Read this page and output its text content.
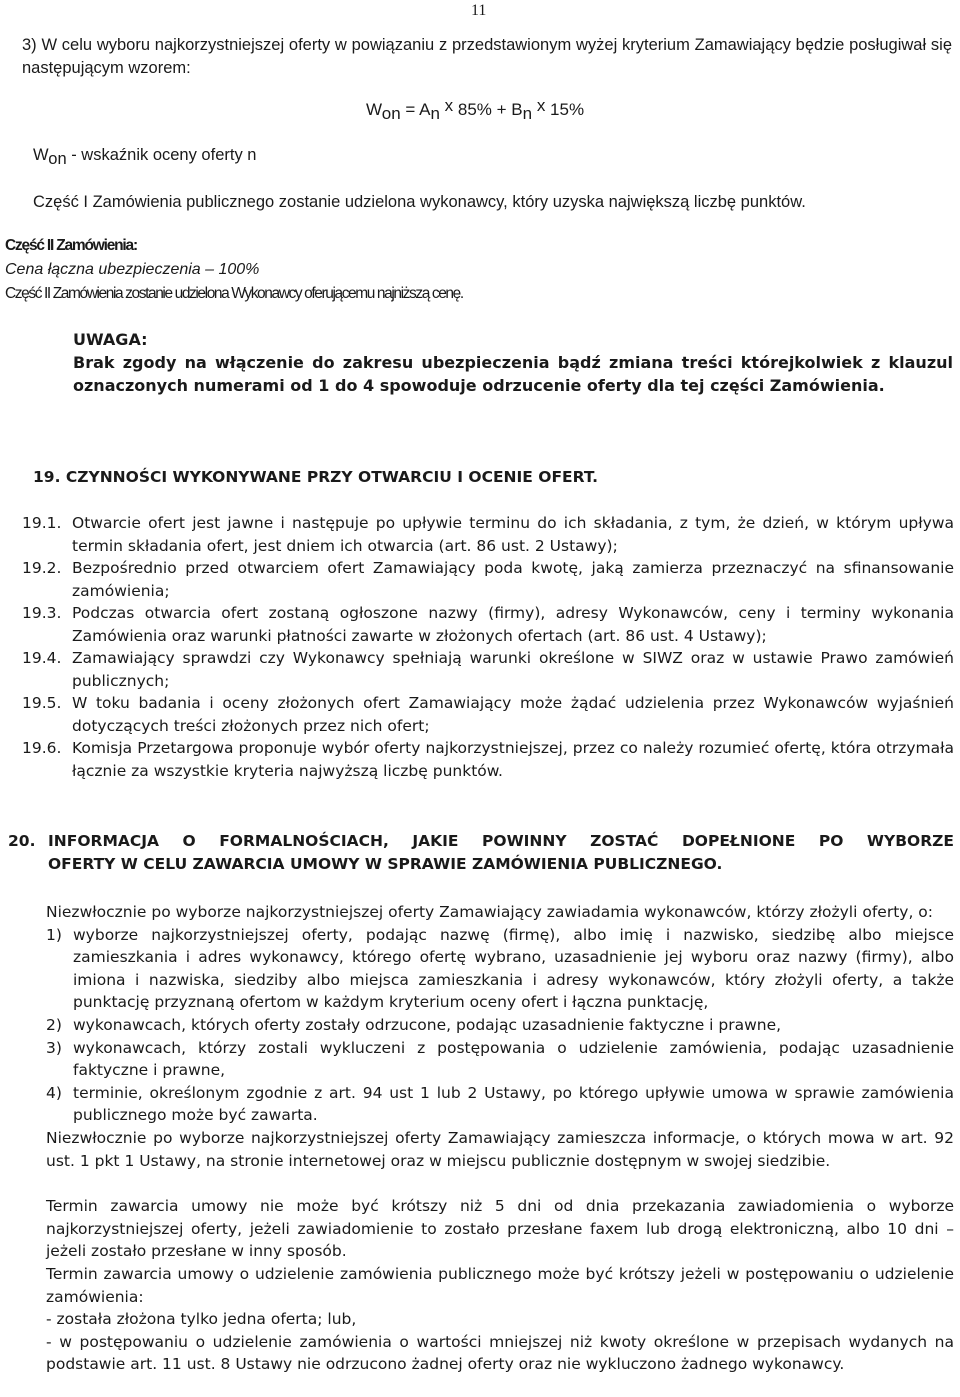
11
3) W celu wyboru najkorzystniejszej oferty w powiązaniu z przedstawionym wyżej kryterium Zamawiający będzie posługiwał się następującym wzorem:
Won = An x 85% + Bn x 15%
Won - wskaźnik oceny oferty n
Część I Zamówienia publicznego zostanie udzielona wykonawcy, który uzyska największą liczbę punktów.
Część II Zamówienia:
Cena łączna ubezpieczenia – 100%
Część II Zamówienia zostanie udzielona Wykonawcy oferującemu najniższą cenę.
UWAGA:
Brak zgody na włączenie do zakresu ubezpieczenia bądź zmiana treści którejkolwiek z klauzul oznaczonych numerami od 1 do 4 spowoduje odrzucenie oferty dla tej części Zamówienia.
19. CZYNNOŚCI WYKONYWANE PRZY OTWARCIU I OCENIE OFERT.
19.1. Otwarcie ofert jest jawne i następuje po upływie terminu do ich składania, z tym, że dzień, w którym upływa termin składania ofert, jest dniem ich otwarcia (art. 86 ust. 2 Ustawy);
19.2. Bezpośrednio przed otwarciem ofert Zamawiający poda kwotę, jaką zamierza przeznaczyć na sfinansowanie zamówienia;
19.3. Podczas otwarcia ofert zostaną ogłoszone nazwy (firmy), adresy Wykonawców, ceny i terminy wykonania Zamówienia oraz warunki płatności zawarte w złożonych ofertach (art. 86 ust. 4 Ustawy);
19.4. Zamawiający sprawdzi czy Wykonawcy spełniają warunki określone w SIWZ oraz w ustawie Prawo zamówień publicznych;
19.5. W toku badania i oceny złożonych ofert Zamawiający może żądać udzielenia przez Wykonawców wyjaśnień dotyczących treści złożonych przez nich ofert;
19.6. Komisja Przetargowa proponuje wybór oferty najkorzystniejszej, przez co należy rozumieć ofertę, która otrzymała łącznie za wszystkie kryteria najwyższą liczbę punktów.
20. INFORMACJA O FORMALNOŚCIACH, JAKIE POWINNY ZOSTAĆ DOPEŁNIONE PO WYBORZE
OFERTY W CELU ZAWARCIA UMOWY W SPRAWIE ZAMÓWIENIA PUBLICZNEGO.

Niezwłocznie po wyborze najkorzystniejszej oferty Zamawiający zawiadamia wykonawców, którzy złożyli oferty, o:

1) wyborze najkorzystniejszej oferty, podając nazwę (firmę), albo imię i nazwisko, siedzibę albo miejsce zamieszkania i adres wykonawcy, którego ofertę wybrano, uzasadnienie jej wyboru oraz nazwy (firmy), albo imiona i nazwiska, siedziby albo miejsca zamieszkania i adresy wykonawców, który złożyli oferty, a także punktację przyznaną ofertom w każdym kryterium oceny ofert i łączna punktację,
2) wykonawcach, których oferty zostały odrzucone, podając uzasadnienie faktyczne i prawne,
3) wykonawcach, którzy zostali wykluczeni z postępowania o udzielenie zamówienia, podając uzasadnienie faktyczne i prawne,
4) terminie, określonym zgodnie z art. 94 ust 1 lub 2 Ustawy, po którego upływie umowa w sprawie zamówienia publicznego może być zawarta.

Niezwłocznie po wyborze najkorzystniejszej oferty Zamawiający zamieszcza informacje, o których mowa w art. 92 ust. 1 pkt 1 Ustawy, na stronie internetowej oraz w miejscu publicznie dostępnym w swojej siedzibie.

Termin zawarcia umowy nie może być krótszy niż 5 dni od dnia przekazania zawiadomienia o wyborze najkorzystniejszej oferty, jeżeli zawiadomienie to zostało przesłane faxem lub drogą elektroniczną, albo 10 dni – jeżeli zostało przesłane w inny sposób.

Termin zawarcia umowy o udzielenie zamówienia publicznego może być krótszy jeżeli w postępowaniu o udzielenie zamówienia:

- została złożona tylko jedna oferta; lub,

- w postępowaniu o udzielenie zamówienia o wartości mniejszej niż kwoty określone w przepisach wydanych na podstawie art. 11 ust. 8 Ustawy nie odrzucono żadnej oferty oraz nie wykluczono żadnego wykonawcy.
